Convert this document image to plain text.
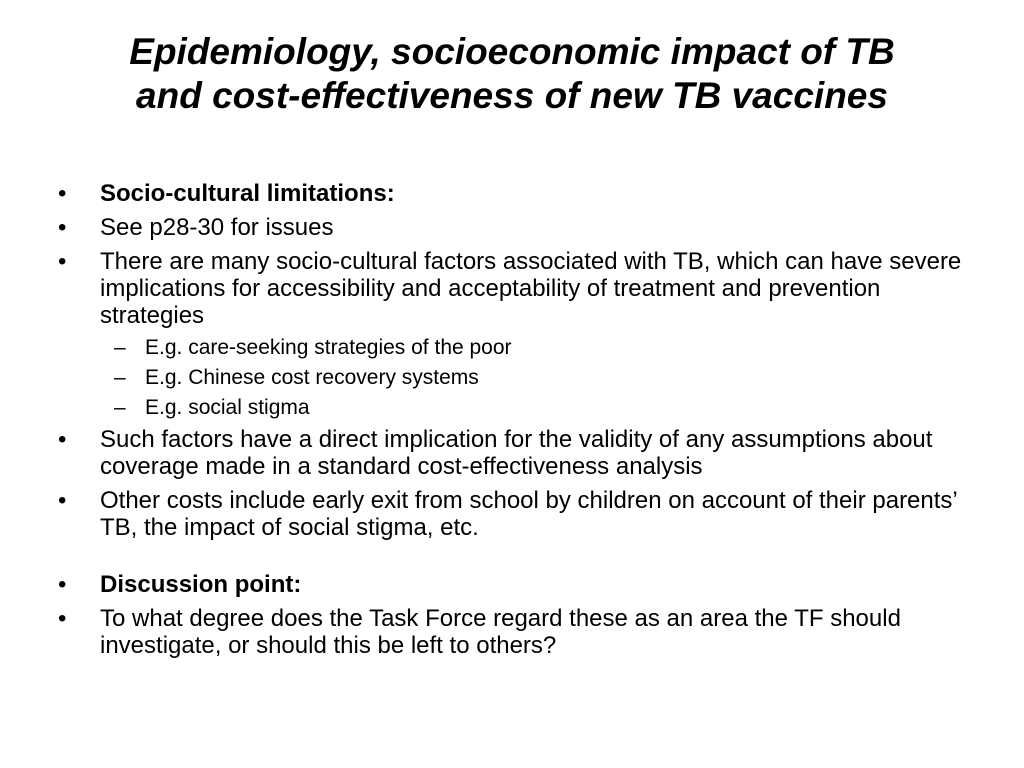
Epidemiology, socioeconomic impact of TB
and cost-effectiveness of new TB vaccines
•	Socio-cultural limitations:
•	See p28-30 for issues
•	There are many socio-cultural factors associated with TB, which can have severe implications for accessibility and acceptability of treatment and prevention strategies
– E.g. care-seeking strategies of the poor
– E.g. Chinese cost recovery systems
– E.g. social stigma
•	Such factors have a direct implication for the validity of any assumptions about coverage made in a standard cost-effectiveness analysis
•	Other costs include early exit from school by children on account of their parents’ TB, the impact of social stigma, etc.
•	Discussion point:
•	To what degree does the Task Force regard these as an area the TF should investigate, or should this be left to others?
